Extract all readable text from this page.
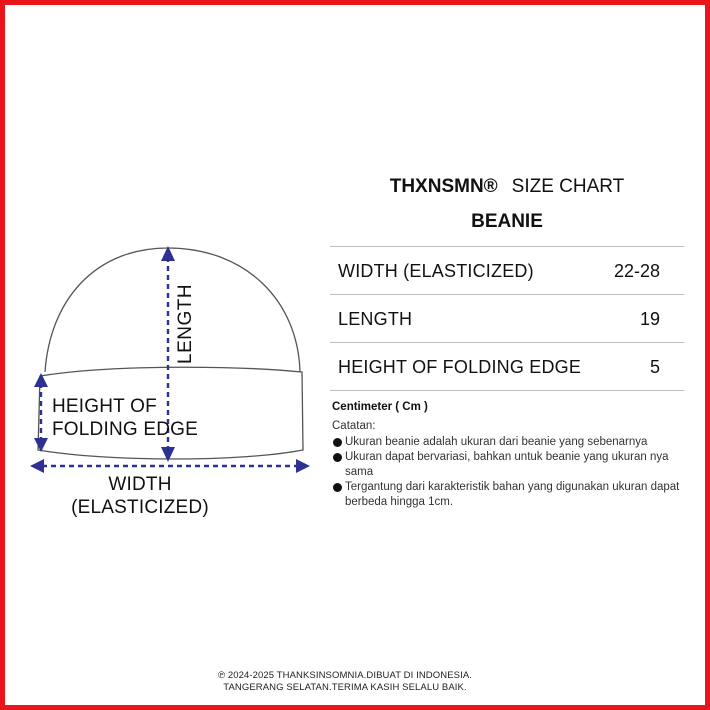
LENGTH
HEIGHT OF
FOLDING EDGE
WIDTH
(ELASTICIZED)
THXNSMN® SIZE CHART
BEANIE
WIDTH (ELASTICIZED)	22-28
LENGTH	19
HEIGHT OF FOLDING EDGE	5
Centimeter ( Cm )
Catatan:
Ukuran beanie adalah ukuran dari beanie yang sebenarnya
Ukuran dapat bervariasi, bahkan untuk beanie yang ukuran nya sama
Tergantung dari karakteristik bahan yang digunakan ukuran dapat berbeda hingga 1cm.
℗ 2024-2025 THANKSINSOMNIA.DIBUAT DI INDONESIA.
TANGERANG SELATAN.TERIMA KASIH SELALU BAIK.
